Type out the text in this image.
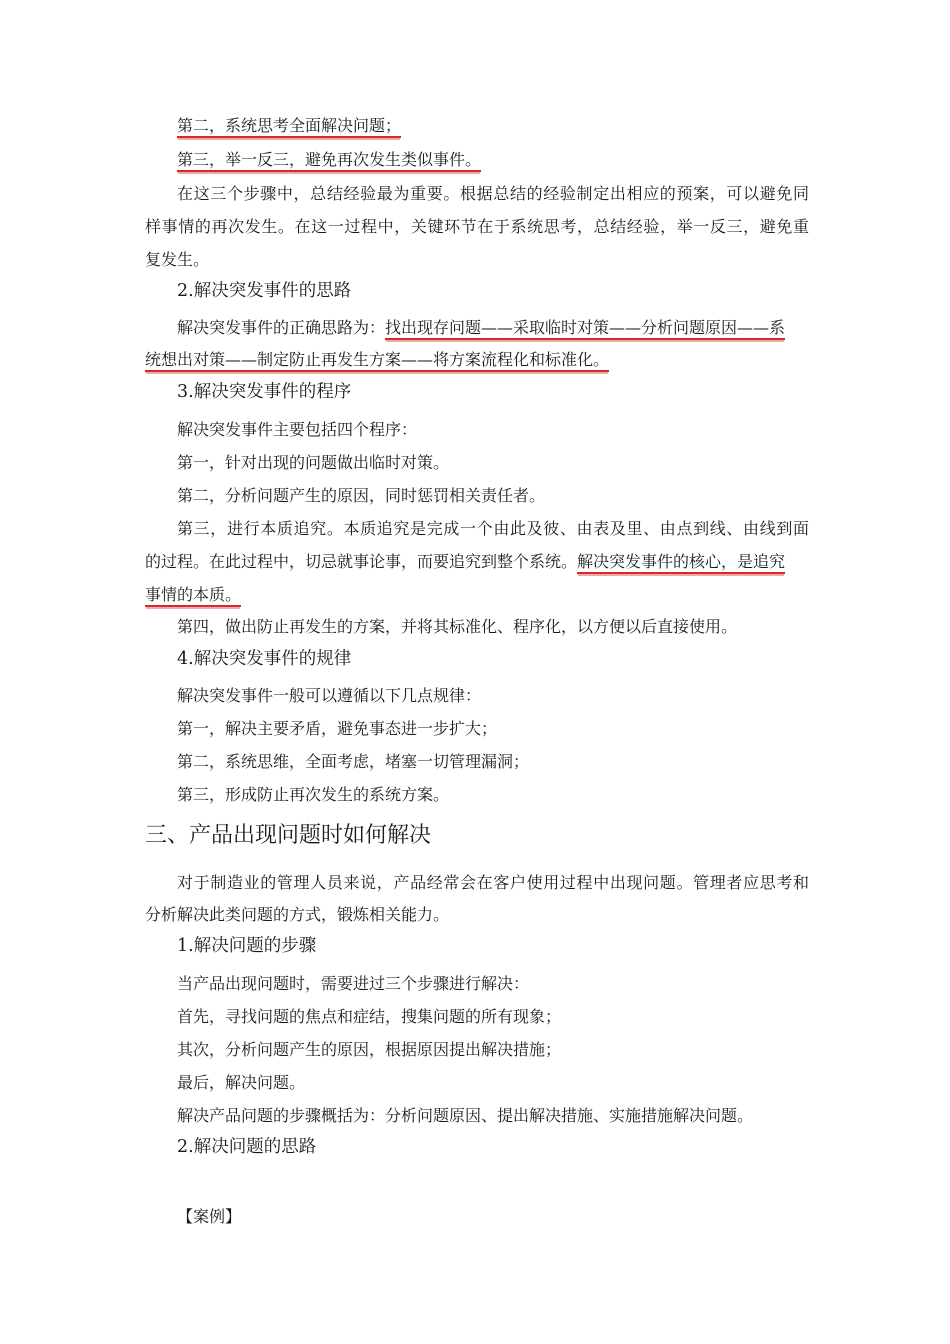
第二，系统思考全面解决问题；
第三，举一反三，避免再次发生类似事件。
在这三个步骤中，总结经验最为重要。根据总结的经验制定出相应的预案，可以避免同
样事情的再次发生。在这一过程中，关键环节在于系统思考，总结经验，举一反三，避免重
复发生。
2.解决突发事件的思路
解决突发事件的正确思路为：找出现存问题——采取临时对策——分析问题原因——系
统想出对策——制定防止再发生方案——将方案流程化和标准化。
3.解决突发事件的程序
解决突发事件主要包括四个程序：
第一，针对出现的问题做出临时对策。
第二，分析问题产生的原因，同时惩罚相关责任者。
第三，进行本质追究。本质追究是完成一个由此及彼、由表及里、由点到线、由线到面
的过程。在此过程中，切忌就事论事，而要追究到整个系统。解决突发事件的核心，是追究
事情的本质。
第四，做出防止再发生的方案，并将其标准化、程序化，以方便以后直接使用。
4.解决突发事件的规律
解决突发事件一般可以遵循以下几点规律：
第一，解决主要矛盾，避免事态进一步扩大；
第二，系统思维，全面考虑，堵塞一切管理漏洞；
第三，形成防止再次发生的系统方案。
三、产品出现问题时如何解决
对于制造业的管理人员来说，产品经常会在客户使用过程中出现问题。管理者应思考和
分析解决此类问题的方式，锻炼相关能力。
1.解决问题的步骤
当产品出现问题时，需要进过三个步骤进行解决：
首先，寻找问题的焦点和症结，搜集问题的所有现象；
其次，分析问题产生的原因，根据原因提出解决措施；
最后，解决问题。
解决产品问题的步骤概括为：分析问题原因、提出解决措施、实施措施解决问题。
2.解决问题的思路
【案例】
